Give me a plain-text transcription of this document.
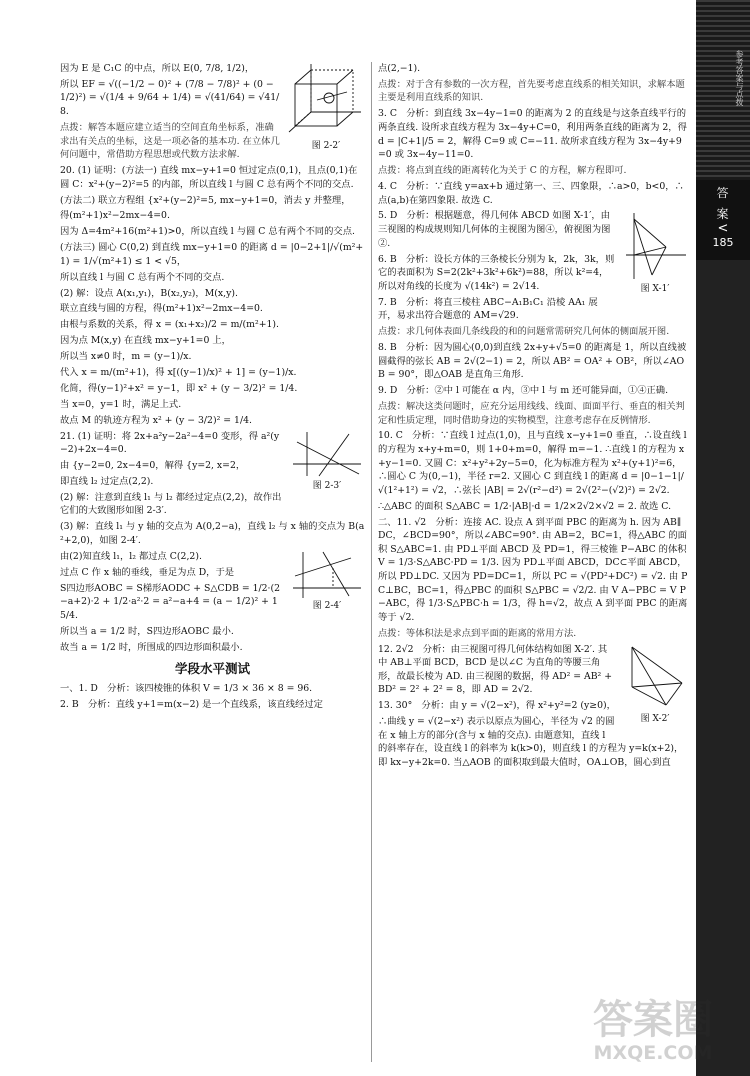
图 2-2′

因为 E 是 C₁C 的中点，所以 E(0, 7/8, 1/2)，

所以 EF = √((−1/2 − 0)² + (7/8 − 7/8)² + (0 − 1/2)²) = √(1/4 + 9/64 + 1/4) = √(41/64) = √41/8.

点拨：解答本题应建立适当的空间直角坐标系，准确求出有关点的坐标，这是一项必备的基本功. 在立体几何问题中，常借助方程思想或代数方法求解.

20. (1) 证明：(方法一) 直线 mx−y+1=0 恒过定点(0,1)，且点(0,1)在圆 C：x²+(y−2)²=5 的内部，所以直线 l 与圆 C 总有两个不同的交点.

(方法二) 联立方程组 {x²+(y−2)²=5, mx−y+1=0，消去 y 并整理，

得(m²+1)x²−2mx−4=0.

因为 Δ=4m²+16(m²+1)>0，所以直线 l 与圆 C 总有两个不同的交点.

(方法三) 圆心 C(0,2) 到直线 mx−y+1=0 的距离 d = |0−2+1|/√(m²+1) = 1/√(m²+1) ≤ 1 < √5，

所以直线 l 与圆 C 总有两个不同的交点.

(2) 解：设点 A(x₁,y₁)，B(x₂,y₂)，M(x,y).

联立直线与圆的方程，得(m²+1)x²−2mx−4=0.

由根与系数的关系，得 x = (x₁+x₂)/2 = m/(m²+1).

因为点 M(x,y) 在直线 mx−y+1=0 上，

所以当 x≠0 时，m = (y−1)/x.

代入 x = m/(m²+1)，得 x[((y−1)/x)² + 1] = (y−1)/x.

化简，得(y−1)²+x² = y−1，即 x² + (y − 3/2)² = 1/4.

当 x=0，y=1 时，满足上式.

故点 M 的轨迹方程为 x² + (y − 3/2)² = 1/4.

图 2-3′

21. (1) 证明：将 2x+a²y−2a²−4=0 变形，得 a²(y−2)+2x−4=0.

由 {y−2=0, 2x−4=0，解得 {y=2, x=2，

即直线 l₂ 过定点(2,2).

(2) 解：注意到直线 l₁ 与 l₂ 都经过定点(2,2)，故作出它们的大致图形如图 2-3′.

(3) 解：直线 l₁ 与 y 轴的交点为 A(0,2−a)，直线 l₂ 与 x 轴的交点为 B(a²+2,0)，如图 2-4′.

图 2-4′

由(2)知直线 l₁，l₂ 都过点 C(2,2).

过点 C 作 x 轴的垂线，垂足为点 D，于是

S四边形AOBC = S梯形AODC + S△CDB = 1/2·(2−a+2)·2 + 1/2·a²·2 = a²−a+4 = (a − 1/2)² + 15/4.

所以当 a = 1/2 时，S四边形AOBC 最小.

故当 a = 1/2 时，所围成的四边形面积最小.

学段水平测试

一、1. D　分析：该四棱锥的体积 V = 1/3 × 36 × 8 = 96.

2. B　分析：直线 y+1=m(x−2) 是一个直线系，该直线经过定

点(2,−1).

点拨：对于含有参数的一次方程，首先要考虑直线系的相关知识，求解本题主要是利用直线系的知识.

3. C　分析：到直线 3x−4y−1=0 的距离为 2 的直线是与这条直线平行的两条直线. 设所求直线方程为 3x−4y+C=0，利用两条直线的距离为 2，得 d = |C+1|/5 = 2，解得 C=9 或 C=−11. 故所求直线方程为 3x−4y+9=0 或 3x−4y−11=0.

点拨：将点到直线的距离转化为关于 C 的方程，解方程即可.

4. C　分析：∵直线 y=ax+b 通过第一、三、四象限，∴a>0，b<0，∴点(a,b)在第四象限. 故选 C.

图 X-1′

5. D　分析：根据题意，得几何体 ABCD 如图 X-1′，由三视图的构成规则知几何体的主视图为图④，俯视图为图②.

6. B　分析：设长方体的三条棱长分别为 k，2k，3k，则它的表面积为 S=2(2k²+3k²+6k²)=88，所以 k²=4，所以对角线的长度为 √(14k²) = 2√14.

7. B　分析：将直三棱柱 ABC−A₁B₁C₁ 沿棱 AA₁ 展开，易求出符合题意的 AM=√29.

点拨：求几何体表面几条线段的和的问题常需研究几何体的侧面展开图.

8. B　分析：因为圆心(0,0)到直线 2x+y+√5=0 的距离是 1，所以直线被圆截得的弦长 AB = 2√(2−1) = 2，所以 AB² = OA² + OB²，所以∠AOB = 90°，即△OAB 是直角三角形.

9. D　分析：②中 l 可能在 α 内，③中 l 与 m 还可能异面，①④正确.

点拨：解决这类问题时，应充分运用线线、线面、面面平行、垂直的相关判定和性质定理，同时借助身边的实物模型，注意考虑存在反例情形.

10. C　分析：∵直线 l 过点(1,0)，且与直线 x−y+1=0 垂直，∴设直线 l 的方程为 x+y+m=0，则 1+0+m=0，解得 m=−1. ∴直线 l 的方程为 x+y−1=0. 又圆 C：x²+y²+2y−5=0，化为标准方程为 x²+(y+1)²=6，∴圆心 C 为(0,−1)，半径 r=2. 又圆心 C 到直线 l 的距离 d = |0−1−1|/√(1²+1²) = √2，∴弦长 |AB| = 2√(r²−d²) = 2√(2²−(√2)²) = 2√2.

∴△ABC 的面积 S△ABC = 1/2·|AB|·d = 1/2×2√2×√2 = 2. 故选 C.

二、11. √2　分析：连接 AC. 设点 A 到平面 PBC 的距离为 h. 因为 AB∥DC，∠BCD=90°，所以∠ABC=90°. 由 AB=2，BC=1，得△ABC 的面积 S△ABC=1. 由 PD⊥平面 ABCD 及 PD=1，得三棱锥 P−ABC 的体积 V = 1/3·S△ABC·PD = 1/3. 因为 PD⊥平面 ABCD，DC⊂平面 ABCD，所以 PD⊥DC. 又因为 PD=DC=1，所以 PC = √(PD²+DC²) = √2. 由 PC⊥BC，BC=1，得△PBC 的面积 S△PBC = √2/2. 由 V A−PBC = V P−ABC，得 1/3·S△PBC·h = 1/3，得 h=√2，故点 A 到平面 PBC 的距离等于 √2.

点拨：等体积法是求点到平面的距离的常用方法.

图 X-2′

12. 2√2　分析：由三视图可得几何体结构如图 X-2′. 其中 AB⊥平面 BCD，BCD 是以∠C 为直角的等腰三角形，故最长棱为 AD. 由三视图的数据，得 AD² = AB² + BD² = 2² + 2² = 8，即 AD = 2√2.

13. 30°　分析：由 y = √(2−x²)，得 x²+y²=2 (y≥0)，

∴曲线 y = √(2−x²) 表示以原点为圆心，半径为 √2 的圆在 x 轴上方的部分(含与 x 轴的交点). 由题意知，直线 l 的斜率存在，设直线 l 的斜率为 k(k>0)，则直线 l 的方程为 y=k(x+2)，即 kx−y+2k=0. 当△AOB 的面积取到最大值时，OA⊥OB，圆心到直

参考答案与点拨
答
案
<
185
答案圈
MXQE.COM
